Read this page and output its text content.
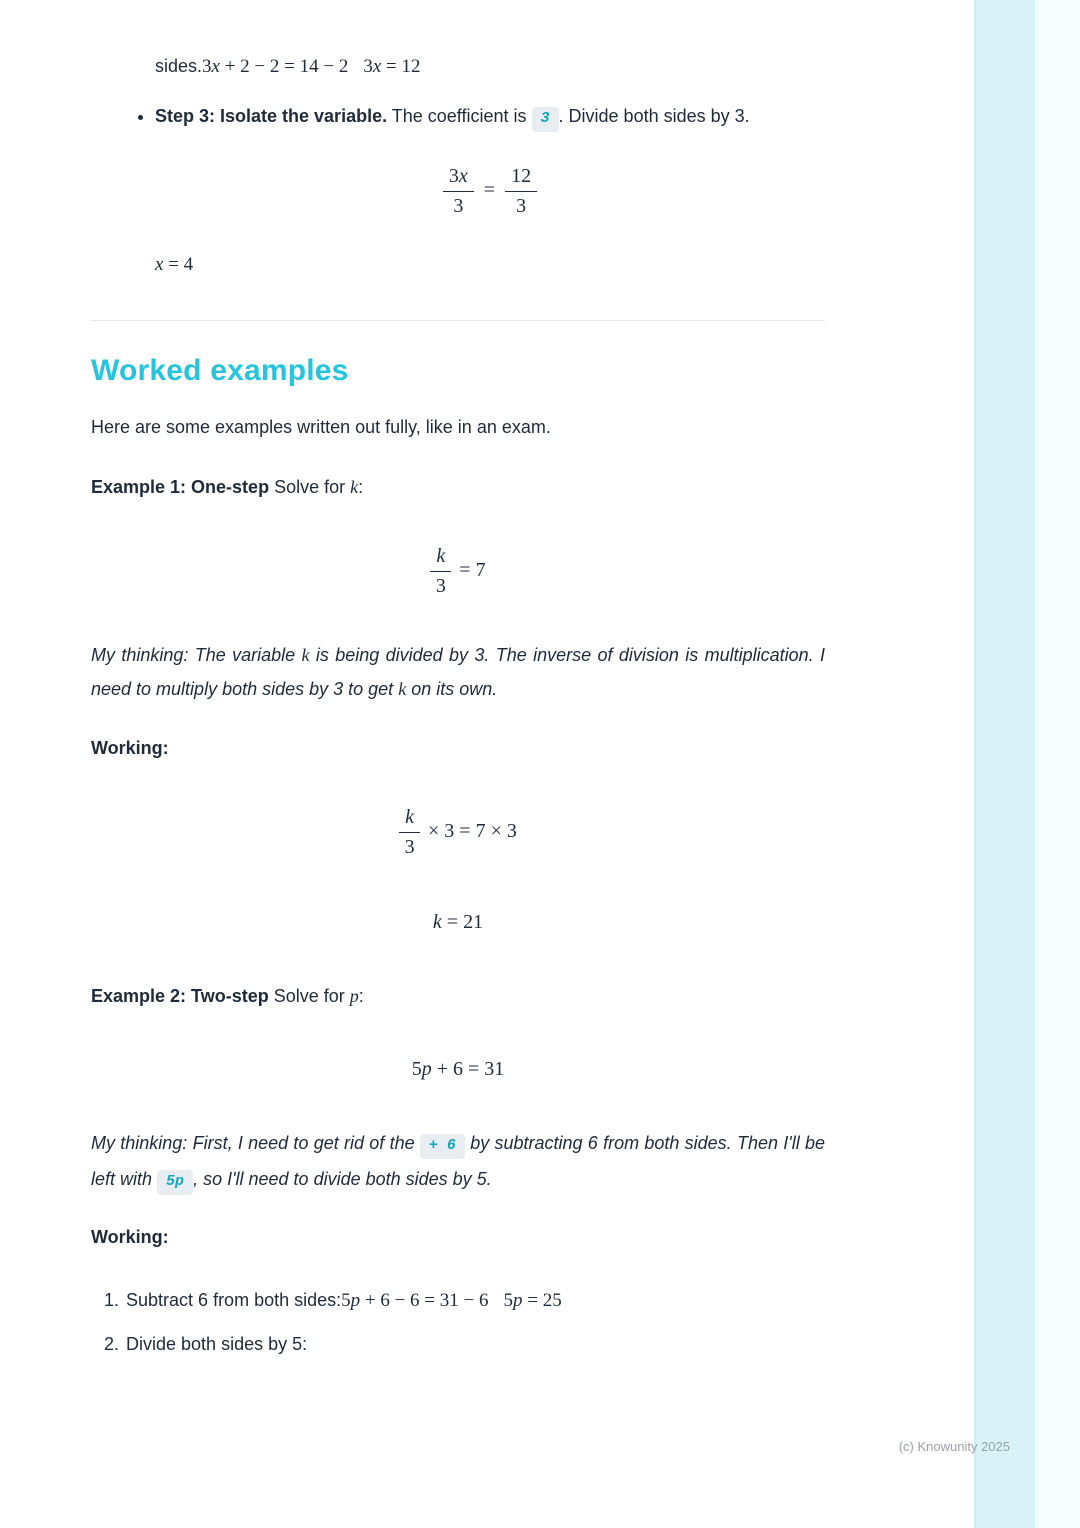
sides.3x + 2 − 2 = 14 − 2 3x = 12
• Step 3: Isolate the variable. The coefficient is 3 . Divide both sides by 3.
$\frac{3x}{3} = \frac{12}{3}$
x = 4
Worked examples

Here are some examples written out fully, like in an exam.

Example 1: One-step Solve for k:

$\frac{k}{3} = 7$

My thinking: The variable k is being divided by 3. The inverse of division is multiplication. I need to multiply both sides by 3 to get k on its own.

Working:

$\frac{k}{3} \times 3 = 7 \times 3$
k = 21

Example 2: Two-step Solve for p:

5p + 6 = 31

My thinking: First, I need to get rid of the + 6 by subtracting 6 from both sides. Then I'll be left with 5p , so I'll need to divide both sides by 5.

Working:

1. Subtract 6 from both sides:5p + 6 − 6 = 31 − 6 5p = 25
2. Divide both sides by 5:
(c) Knowunity 2025
